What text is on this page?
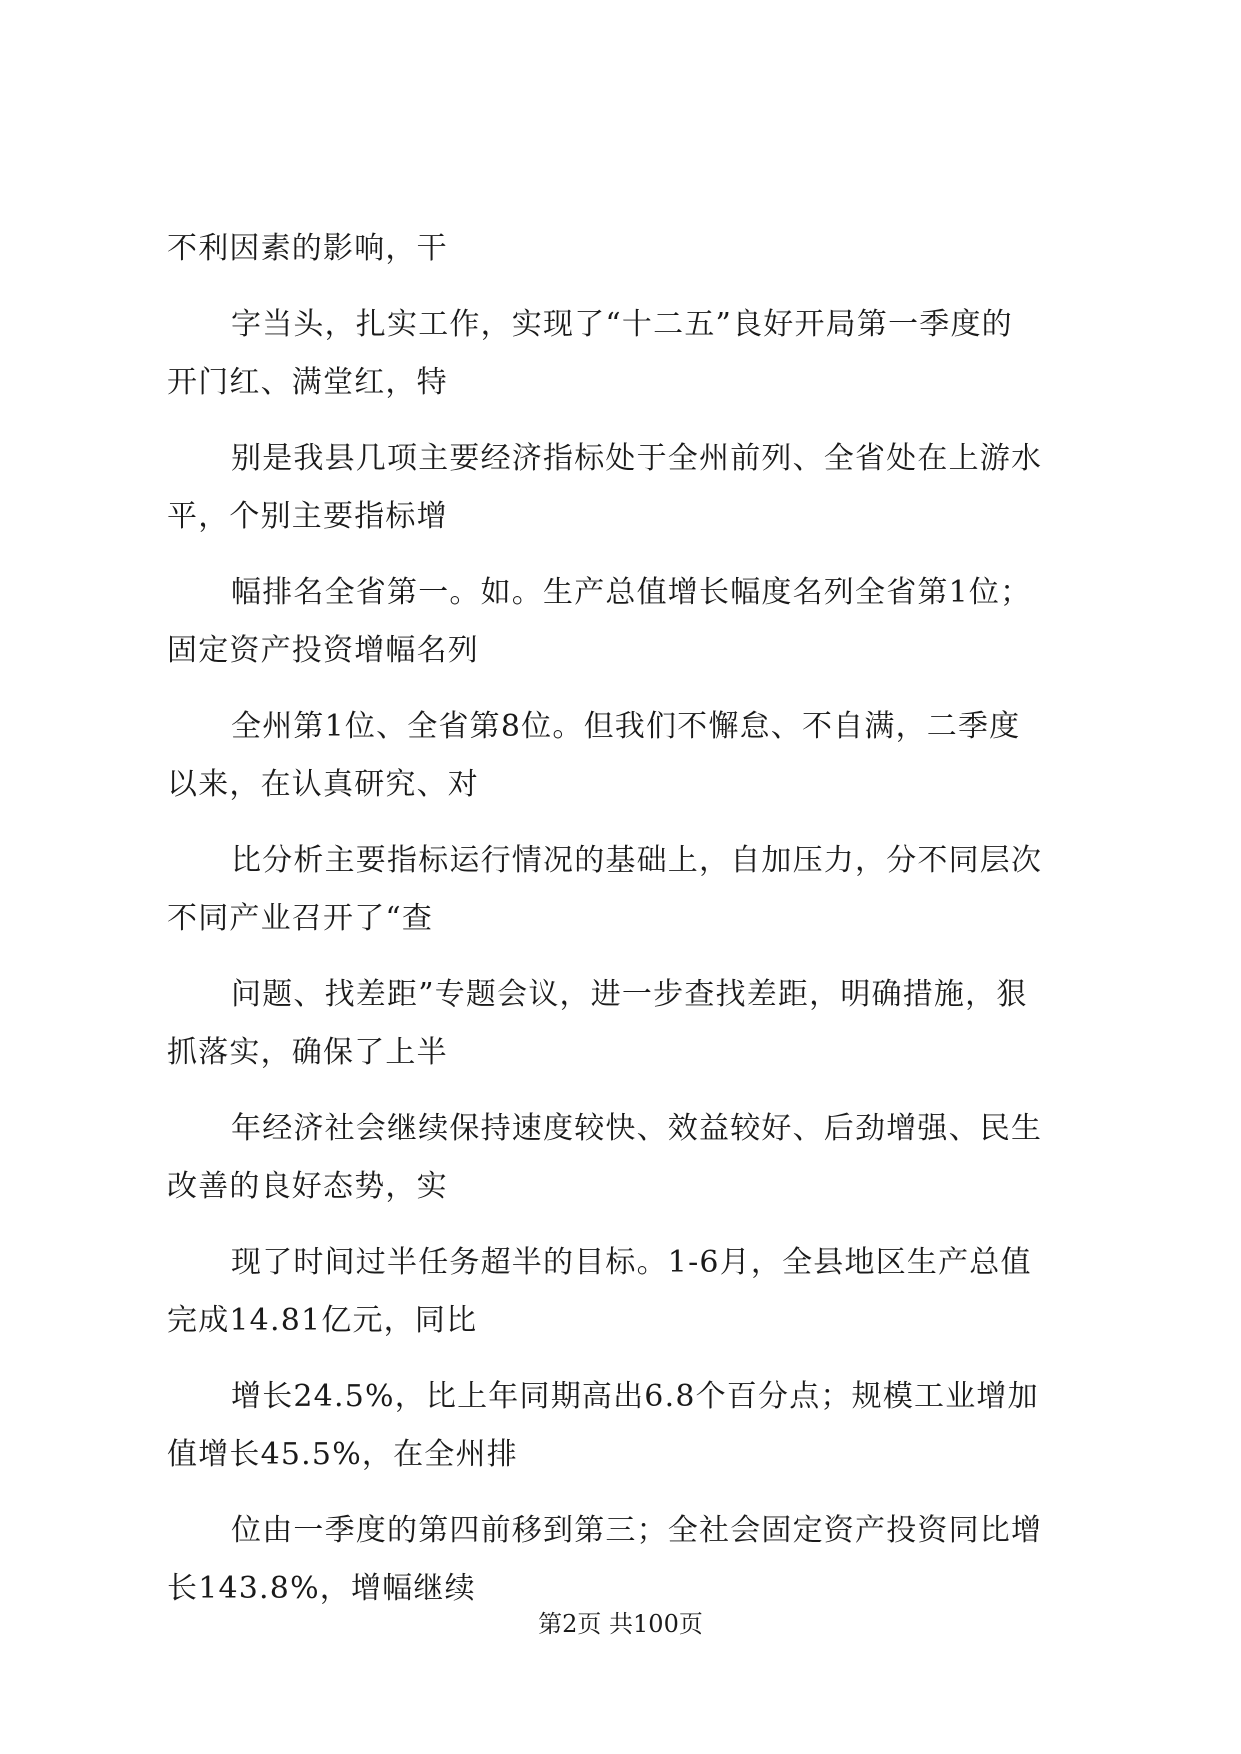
不利因素的影响，干
字当头，扎实工作，实现了“十二五”良好开局第一季度的
开门红、满堂红，特
别是我县几项主要经济指标处于全州前列、全省处在上游水
平，个别主要指标增
幅排名全省第一。如。生产总值增长幅度名列全省第1位；
固定资产投资增幅名列
全州第1位、全省第8位。但我们不懈怠、不自满，二季度
以来，在认真研究、对
比分析主要指标运行情况的基础上，自加压力，分不同层次
不同产业召开了“查
问题、找差距”专题会议，进一步查找差距，明确措施，狠
抓落实，确保了上半
年经济社会继续保持速度较快、效益较好、后劲增强、民生
改善的良好态势，实
现了时间过半任务超半的目标。1-6月，全县地区生产总值
完成14.81亿元，同比
增长24.5%，比上年同期高出6.8个百分点；规模工业增加
值增长45.5%，在全州排
位由一季度的第四前移到第三；全社会固定资产投资同比增
长143.8%，增幅继续
第2页 共100页
